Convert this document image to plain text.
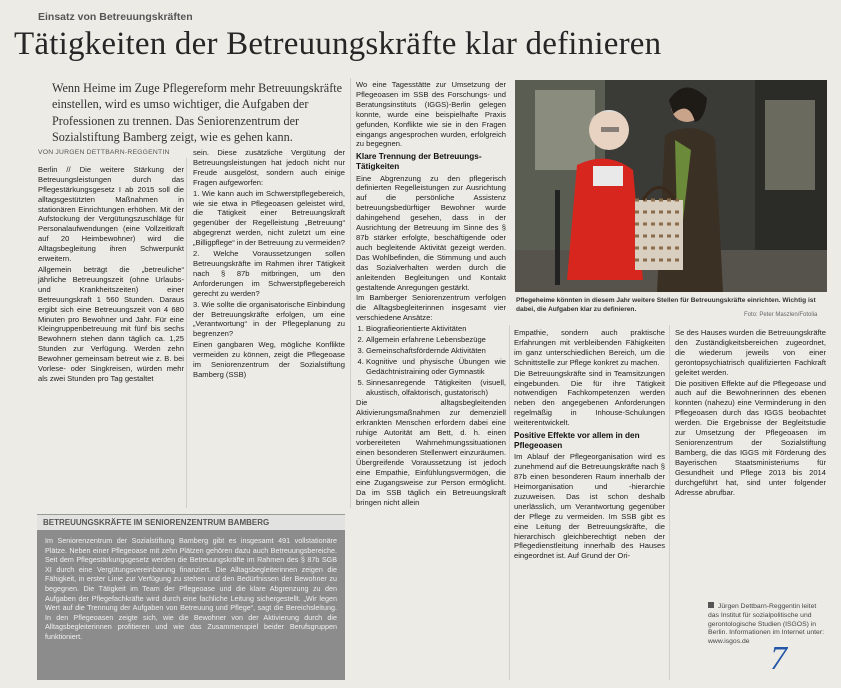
Einsatz von Betreuungskräften
Tätigkeiten der Betreuungskräfte klar definieren
Wenn Heime im Zuge Pflegereform mehr Betreuungskräfte einstellen, wird es umso wichtiger, die Aufgaben der Professionen zu trennen. Das Seniorenzentrum der Sozialstiftung Bamberg zeigt, wie es gehen kann.
VON JURGEN DETTBARN-REGGENTIN

Berlin // Die weitere Stärkung der Betreuungsleistungen durch das Pflegestärkungsgesetz I ab 2015 soll die alltagsgestützten Maßnahmen in stationären Einrichtungen erhöhen. Mit der Aufstockung der Vergütungszuschläge für Personalaufwendungen (eine Vollzeitkraft auf 20 Heimbewohner) wird die Alltagsbegleitung ihren Schwerpunkt erweitern.

Allgemein beträgt die „betreuliche“ jährliche Betreuungszeit (ohne Urlaubs- und Krankheitszeiten) einer Betreuungskraft 1 560 Stunden. Daraus ergibt sich eine Betreuungszeit von 4 680 Minuten pro Bewohner und Jahr. Für eine Kleingruppenbetreuung mit fünf bis sechs Bewohnern stehen dann täglich ca. 1,25 Stunden zur Verfügung. Werden zehn Bewohner gemeinsam betreut wie z. B. bei Vorlese- oder Singkreisen, würden mehr als zwei Stunden pro Tag gestaltet

sein. Diese zusätzliche Vergütung der Betreuungsleistungen hat jedoch nicht nur Freude ausgelöst, sondern auch einige Fragen aufgeworfen:

1. Wie kann auch im Schwerstpflegebereich, wie sie etwa in Pflegeoasen geleistet wird, die Tätigkeit einer Betreuungskraft gegenüber der Regelleistung „Betreuung“ abgegrenzt werden, nicht zuletzt um eine „Billigpflege“ in der Betreuung zu vermeiden?

2. Welche Voraussetzungen sollen Betreuungskräfte im Rahmen ihrer Tätigkeit nach § 87b mitbringen, um den Anforderungen im Schwerstpflegebereich gerecht zu werden?

3. Wie sollte die organisatorische Einbindung der Betreuungskräfte erfolgen, um eine „Verantwortung“ in der Pflegeplanung zu begrenzen?

Einen gangbaren Weg, mögliche Konflikte vermeiden zu können, zeigt die Pflegeoase im Seniorenzentrum der Sozialstiftung Bamberg (SSB)

Wo eine Tagesstätte zur Umsetzung der Pflegeoasen im SSB des Forschungs- und Beratungsinstituts (IGGS)-Berlin gelegen konnte, wurde eine beispielhafte Praxis gefunden, Konflikte wie sie in den Fragen eingangs angesprochen wurden, erfolgreich zu begegnen.

Klare Trennung der Betreuungs-Tätigkeiten

Eine Abgrenzung zu den pflegerisch definierten Regelleistungen zur Ausrichtung auf die persönliche Assistenz betreuungsbedürftiger Bewohner wurde dahingehend gesehen, dass in der Ausrichtung der Betreuung im Sinne des § 87b stärker erfolgte, beschäftigende oder auch begleitende Aktivität gezeigt werden. Das Wohlbefinden, die Stimmung und auch das Sozialverhalten werden durch die anleitenden Begleitungen und Kontakt gestaltende Anregungen gestärkt.

Im Bamberger Seniorenzentrum verfolgen die Alltagsbegleiterinnen insgesamt vier verschiedene Ansätze:

1. Biografieorientierte Aktivitäten
2. Allgemein erfahrene Lebensbezüge
3. Gemeinschaftsfördernde Aktivitäten
4. Kognitive und physische Übungen wie Gedächtnistraining oder Gymnastik
5. Sinnesanregende Tätigkeiten (visuell, akustisch, olfaktorisch, gustatorisch)

Die alltagsbegleitenden Aktivierungsmaßnahmen zur demenziell erkrankten Menschen erfordern dabei eine ruhige Autorität am Bett, d. h. einen vorbereiteten Wahrnehmungssituationen einen besonderen Stellenwert einzuräumen. Übergreifende Voraussetzung ist jedoch eine Empathie, Einfühlungsvermögen, die eine Zugangsweise zur Person ermöglicht. Da im SSB täglich ein Betreuungskraft bringen nicht allein

Pflegeheime könnten in diesem Jahr weitere Stellen für Betreuungskräfte einrichten. Wichtig ist dabei, die Aufgaben klar zu definieren.
Foto: Peter Maszlen/Fotolia

Empathie, sondern auch praktische Erfahrungen mit verbleibenden Fähigkeiten im ganz unterschiedlichen Bereich, um die Schnittstelle zur Pflege konkret zu machen.

Die Betreuungskräfte sind in Teamsitzungen eingebunden. Die für ihre Tätigkeit notwendigen Fachkompetenzen werden neben den angegebenen Anforderungen regelmäßig in Inhouse-Schulungen weiterentwickelt.

Positive Effekte vor allem in den Pflegeoasen

Im Ablauf der Pflegeorganisation wird es zunehmend auf die Betreuungskräfte nach § 87b einen besonderen Raum innerhalb der Heimorganisation und -hierarchie zuzuweisen. Das ist schon deshalb unerlässlich, um Verantwortung gegenüber der Pflege zu vermeiden. Im SSB gibt es eine Leitung der Betreuungskräfte, die hierarchisch gleichberechtigt neben der Pflegedienstleitung innerhalb des Hauses eingeordnet ist. Auf Grund der Ori-

Se des Hauses wurden die Betreuungskräfte den Zuständigkeitsbereichen zugeordnet, die wiederum jeweils von einer gerontopsychiatrisch qualifizierten Fachkraft geleitet werden.

Die positiven Effekte auf die Pflegeoase und auch auf die Bewohnerinnen des ebenen konnten (nahezu) eine Verminderung in den Pflegeoasen durch das IGGS beobachtet werden. Die Ergebnisse der Begleitstudie zur Umsetzung der Pflegeoasen im Seniorenzentrum der Sozialstiftung Bamberg, die das IGGS mit Förderung des Bayerischen Staatsministeriums für Gesundheit und Pflege 2013 bis 2014 durchgeführt hat, sind unter folgender Adresse abrufbar.

Jürgen Dettbarn-Reggentin leitet das Institut für sozialpolitische und gerontologische Studien (ISGOS) in Berlin. Informationen im Internet unter: www.isgos.de
BETREUUNGSKRÄFTE IM SENIORENZENTRUM BAMBERG
Im Seniorenzentrum der Sozialstiftung Bamberg gibt es insgesamt 491 vollstationäre Plätze. Neben einer Pflegeoase mit zehn Plätzen gehören dazu auch Betreuungsbereiche. Seit dem Pflegestärkungsgesetz werden die Betreuungskräfte im Rahmen des § 87b SGB XI durch eine Vergütungsvereinbarung finanziert. Die Alltagsbegleiterinnen zeigen die Fähigkeit, in erster Linie zur Verfügung zu stehen und den Bedürfnissen der Bewohner zu begegnen. Die Tätigkeit im Team der Pflegeoase und die klare Abgrenzung zu den Aufgaben der Pflegefachkräfte wird durch eine fachliche Leitung sichergestellt. „Wir legen Wert auf die Trennung der Aufgaben von Betreuung und Pflege“, sagt die Bereichsleitung. In den Pflegeoasen zeigte sich, wie die Bewohner von der Aktivierung durch die Alltagsbegleiterinnen profitieren und wie das Zusammenspiel beider Berufsgruppen funktioniert.
7
